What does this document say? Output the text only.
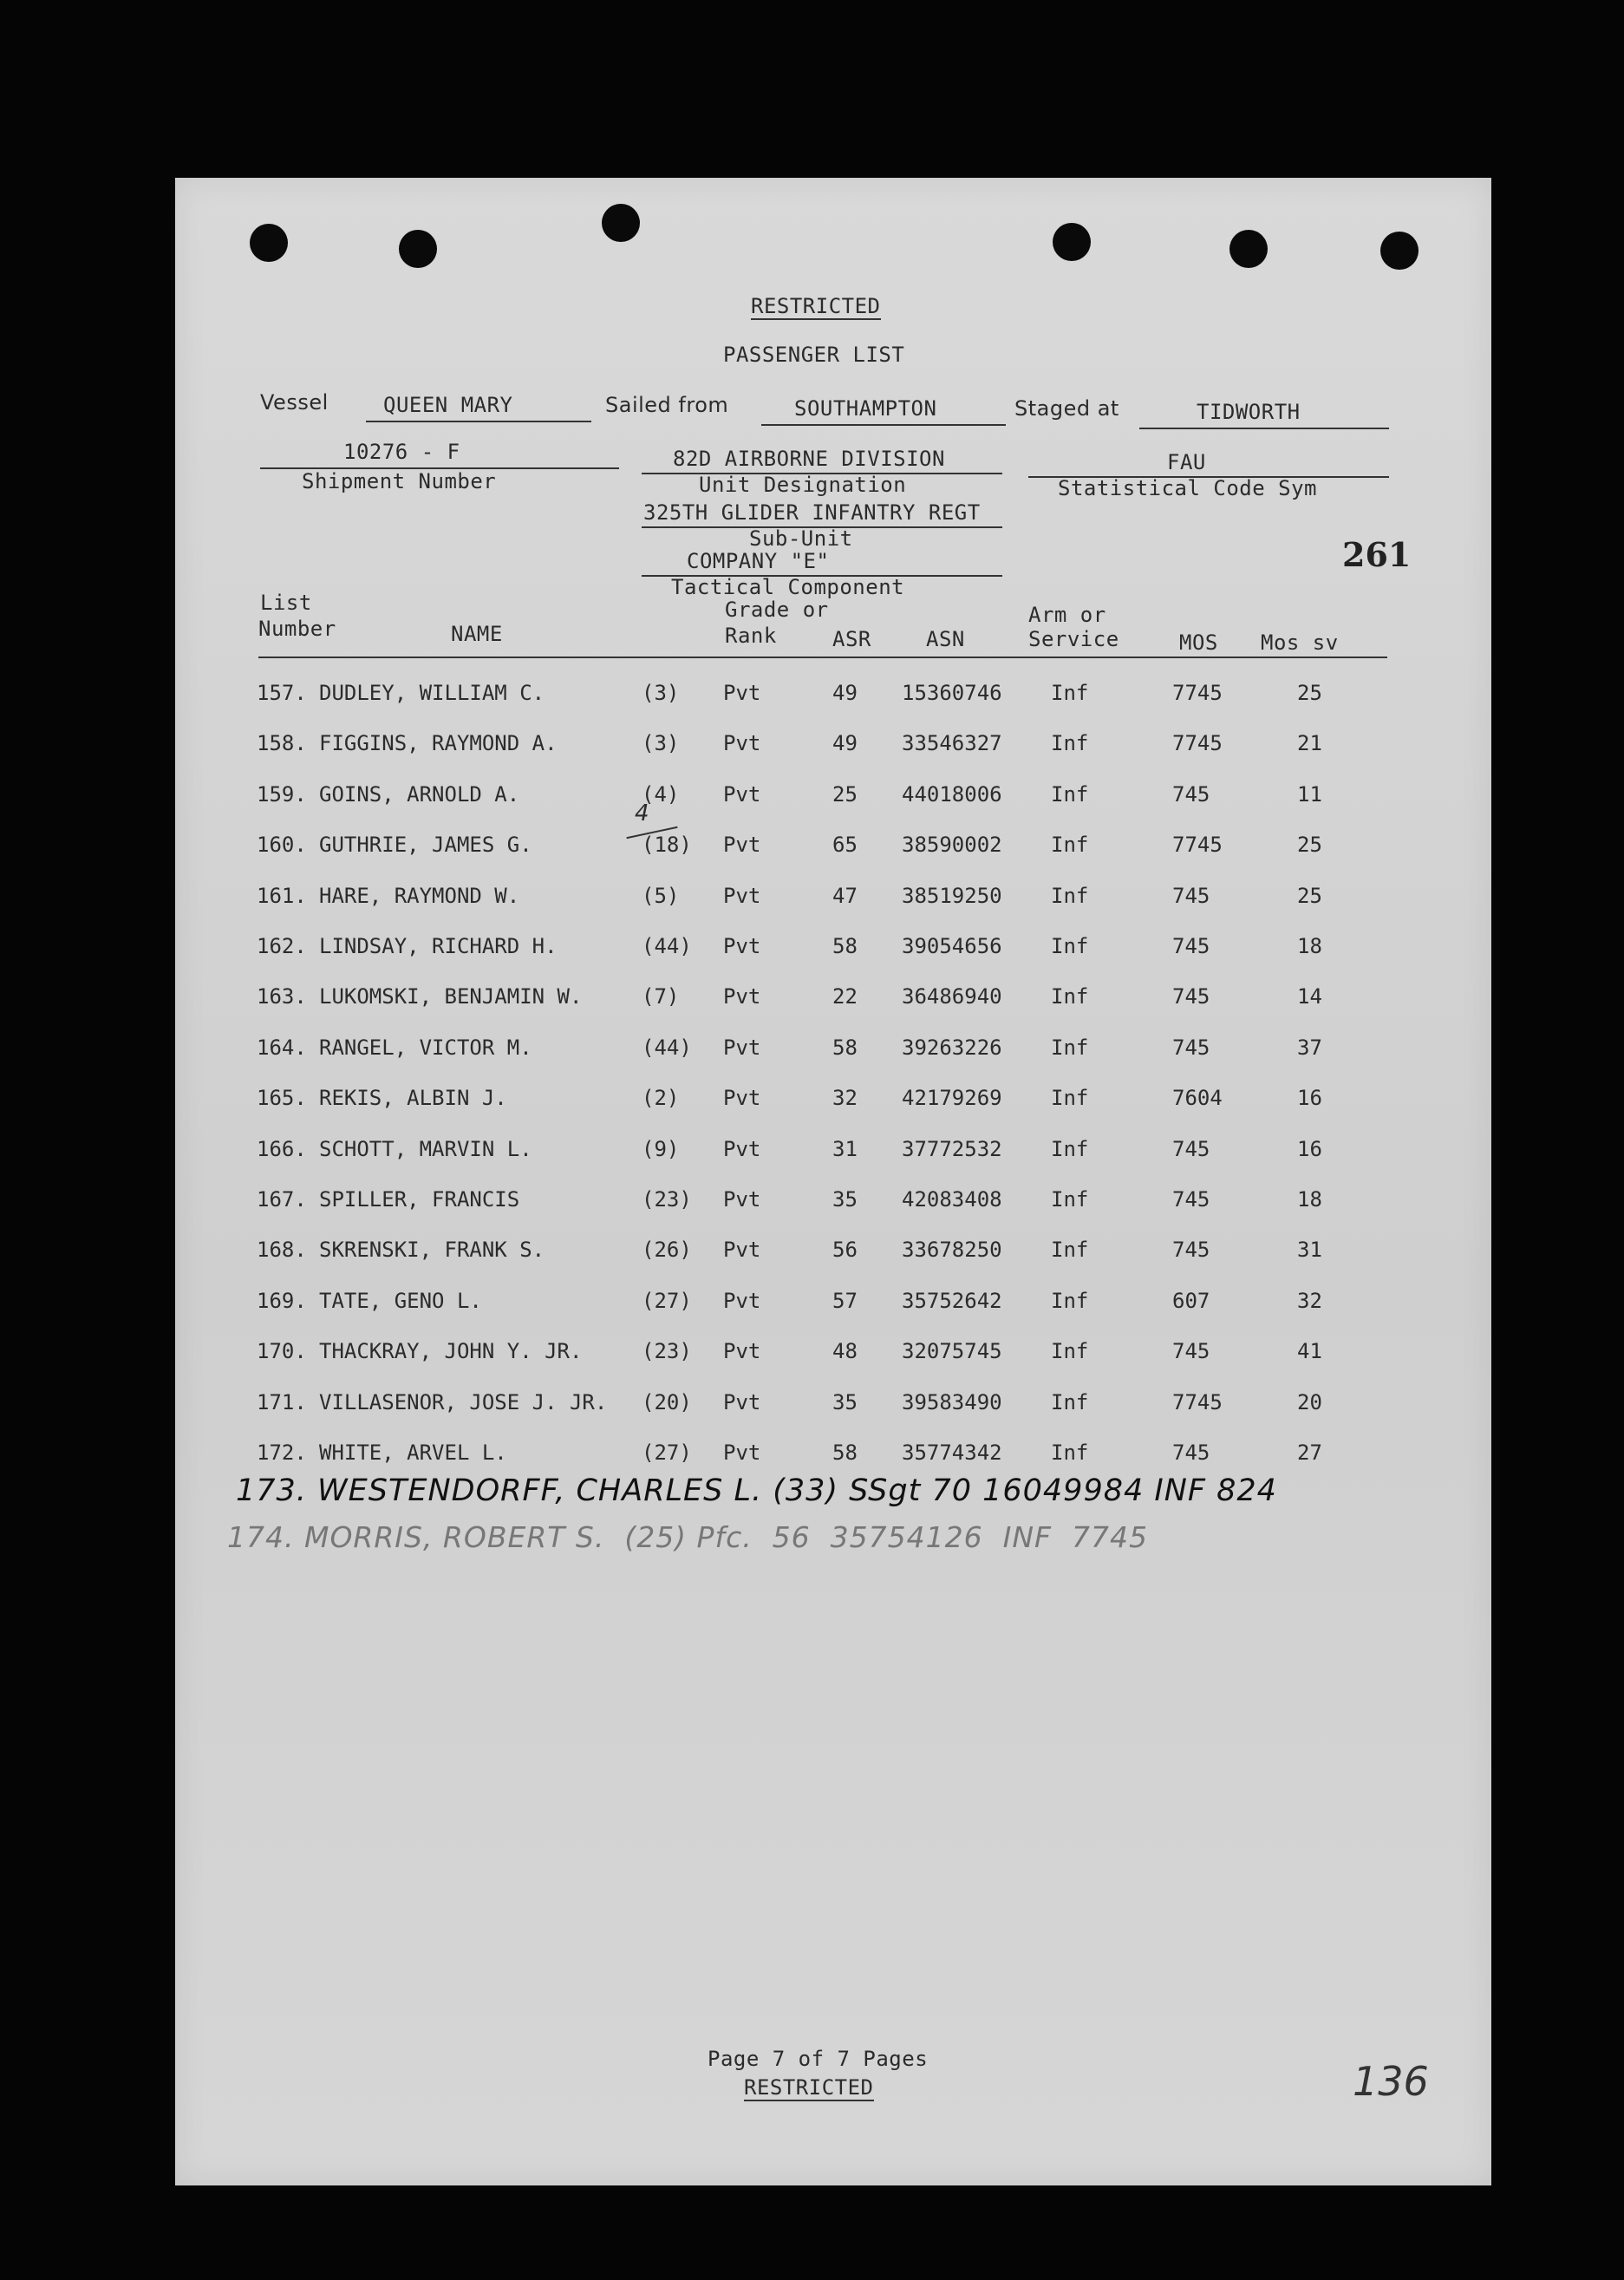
RESTRICTED
PASSENGER LIST
Vessel	QUEEN MARY	Sailed from	SOUTHAMPTON	Staged at	TIDWORTH
10276 - F
Shipment Number
82D AIRBORNE DIVISION
Unit Designation
325TH GLIDER INFANTRY REGT
Sub-Unit
COMPANY "E"
Tactical Component
FAU
Statistical Code Sym
261
List
Number	NAME
Grade or
Rank	ASR	ASN
Arm or
Service	MOS Mos sv
157. DUDLEY, WILLIAM C.	(3) Pvt	49 15360746 Inf	7745	25
158. FIGGINS, RAYMOND A.	(3) Pvt	49 33546327 Inf	7745	21
159. GOINS, ARNOLD A.	(4) Pvt	25 44018006 Inf	745	11
160. GUTHRIE, JAMES G.	(18) Pvt	65 38590002 Inf	7745	25
161. HARE, RAYMOND W.	(5) Pvt	47 38519250 Inf	745	25
162. LINDSAY, RICHARD H.	(44) Pvt	58 39054656 Inf	745	18
163. LUKOMSKI, BENJAMIN W.	(7) Pvt	22 36486940 Inf	745	14
164. RANGEL, VICTOR M.	(44) Pvt	58 39263226 Inf	745	37
165. REKIS, ALBIN J.	(2) Pvt	32 42179269 Inf	7604	16
166. SCHOTT, MARVIN L.	(9) Pvt	31 37772532 Inf	745	16
167. SPILLER, FRANCIS	(23) Pvt	35 42083408 Inf	745	18
168. SKRENSKI, FRANK S.	(26) Pvt	56 33678250 Inf	745	31
169. TATE, GENO L.	(27) Pvt	57 35752642 Inf	607	32
170. THACKRAY, JOHN Y. JR.	(23) Pvt	48 32075745 Inf	745	41
171. VILLASENOR, JOSE J. JR. (20) Pvt	35 39583490 Inf	7745	20
172. WHITE, ARVEL L.	(27) Pvt	58 35774342 Inf	745	27
4
173. WESTENDORFF, CHARLES L. (33) SSgt 70 16049984 INF 824
174. MORRIS, ROBERT S.  (25) Pfc.  56  35754126  INF  7745
Page 7 of 7 Pages
RESTRICTED	136
